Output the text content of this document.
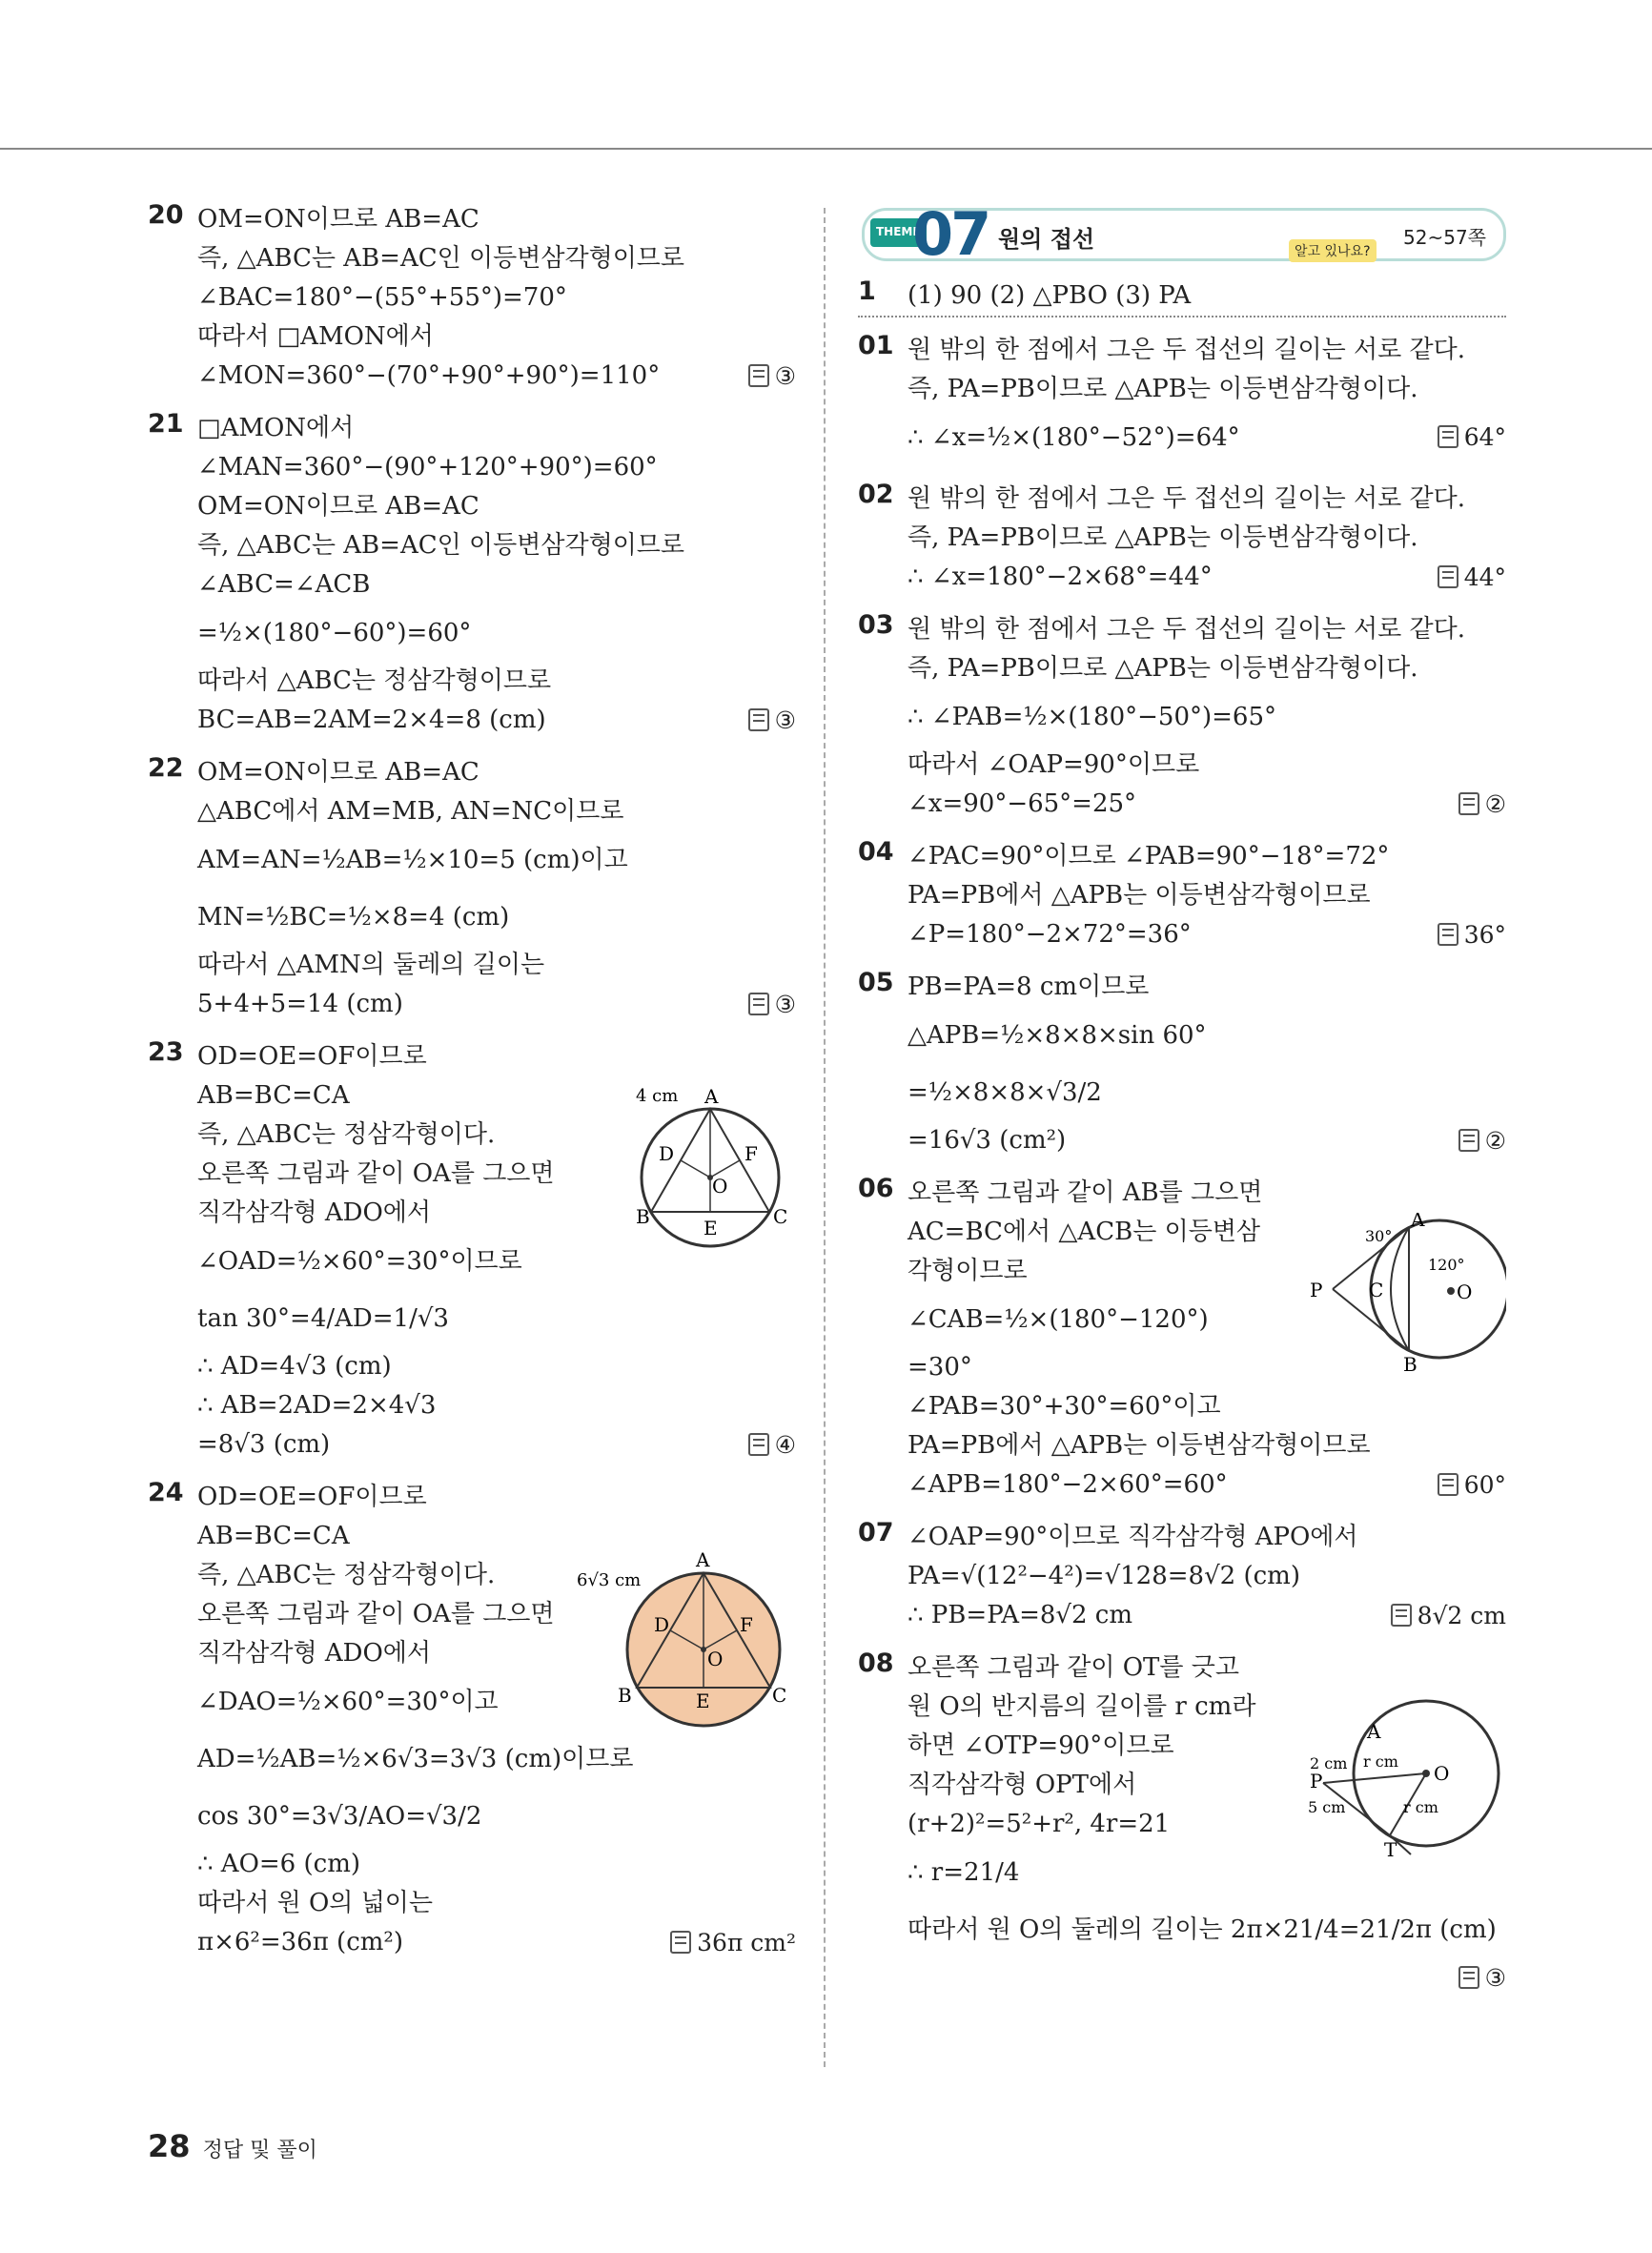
THEME
07 원의 접선	알고 있나요?
52~57쪽
20 OM=ON이므로 AB=AC
즉, △ABC는 AB=AC인 이등변삼각형이므로
∠BAC=180°−(55°+55°)=70°
따라서 □AMON에서
∠MON=360°−(70°+90°+90°)=110°	③
21 □AMON에서
∠MAN=360°−(90°+120°+90°)=60°
OM=ON이므로 AB=AC
즉, △ABC는 AB=AC인 이등변삼각형이므로
∠ABC=∠ACB
=½×(180°−60°)=60°
따라서 △ABC는 정삼각형이므로
BC=AB=2AM=2×4=8 (cm)	③
22 OM=ON이므로 AB=AC
△ABC에서 AM=MB, AN=NC이므로
AM=AN=½AB=½×10=5 (cm)이고
MN=½BC=½×8=4 (cm)
따라서 △AMN의 둘레의 길이는
5+4+5=14 (cm)	③
23 OD=OE=OF이므로
AB=BC=CA
즉, △ABC는 정삼각형이다.
오른쪽 그림과 같이 OA를 그으면
직각삼각형 ADO에서
∠OAD=½×60°=30°이므로
tan 30°=4/AD=1/√3
∴ AD=4√3 (cm)
∴ AB=2AD=2×4√3
=8√3 (cm)	④
24 OD=OE=OF이므로
AB=BC=CA
즉, △ABC는 정삼각형이다.
오른쪽 그림과 같이 OA를 그으면
직각삼각형 ADO에서
∠DAO=½×60°=30°이고
AD=½AB=½×6√3=3√3 (cm)이므로
cos 30°=3√3/AO=√3/2
∴ AO=6 (cm)
따라서 원 O의 넓이는
π×6²=36π (cm²)	36π cm²
1 (1) 90 (2) △PBO (3) PA
01 원 밖의 한 점에서 그은 두 접선의 길이는 서로 같다.
즉, PA=PB이므로 △APB는 이등변삼각형이다.
∴ ∠x=½×(180°−52°)=64°	64°
02 원 밖의 한 점에서 그은 두 접선의 길이는 서로 같다.
즉, PA=PB이므로 △APB는 이등변삼각형이다.
∴ ∠x=180°−2×68°=44°	44°
03 원 밖의 한 점에서 그은 두 접선의 길이는 서로 같다.
즉, PA=PB이므로 △APB는 이등변삼각형이다.
∴ ∠PAB=½×(180°−50°)=65°
따라서 ∠OAP=90°이므로
∠x=90°−65°=25°	②
04 ∠PAC=90°이므로 ∠PAB=90°−18°=72°
PA=PB에서 △APB는 이등변삼각형이므로
∠P=180°−2×72°=36°	36°
05 PB=PA=8 cm이므로
△APB=½×8×8×sin 60°
=½×8×8×√3/2
=16√3 (cm²)	②
06 오른쪽 그림과 같이 AB를 그으면
AC=BC에서 △ACB는 이등변삼
각형이므로
∠CAB=½×(180°−120°)
=30°
∠PAB=30°+30°=60°이고
PA=PB에서 △APB는 이등변삼각형이므로
∠APB=180°−2×60°=60°	60°
07 ∠OAP=90°이므로 직각삼각형 APO에서
PA=√(12²−4²)=√128=8√2 (cm)
∴ PB=PA=8√2 cm	8√2 cm
08 오른쪽 그림과 같이 OT를 긋고
원 O의 반지름의 길이를 r cm라
하면 ∠OTP=90°이므로
직각삼각형 OPT에서
(r+2)²=5²+r², 4r=21
∴ r=21/4
따라서 원 O의 둘레의 길이는 2π×21/4=21/2π (cm)
③
4 cm A
B	C
D
E
F
O
6√3 cm
A
B	C
D
E
F
O
30°
120°
A
B
C
P	O
2 cm
5 cm
r cm
r cm
A
P
T
O
28 정답 및 풀이
